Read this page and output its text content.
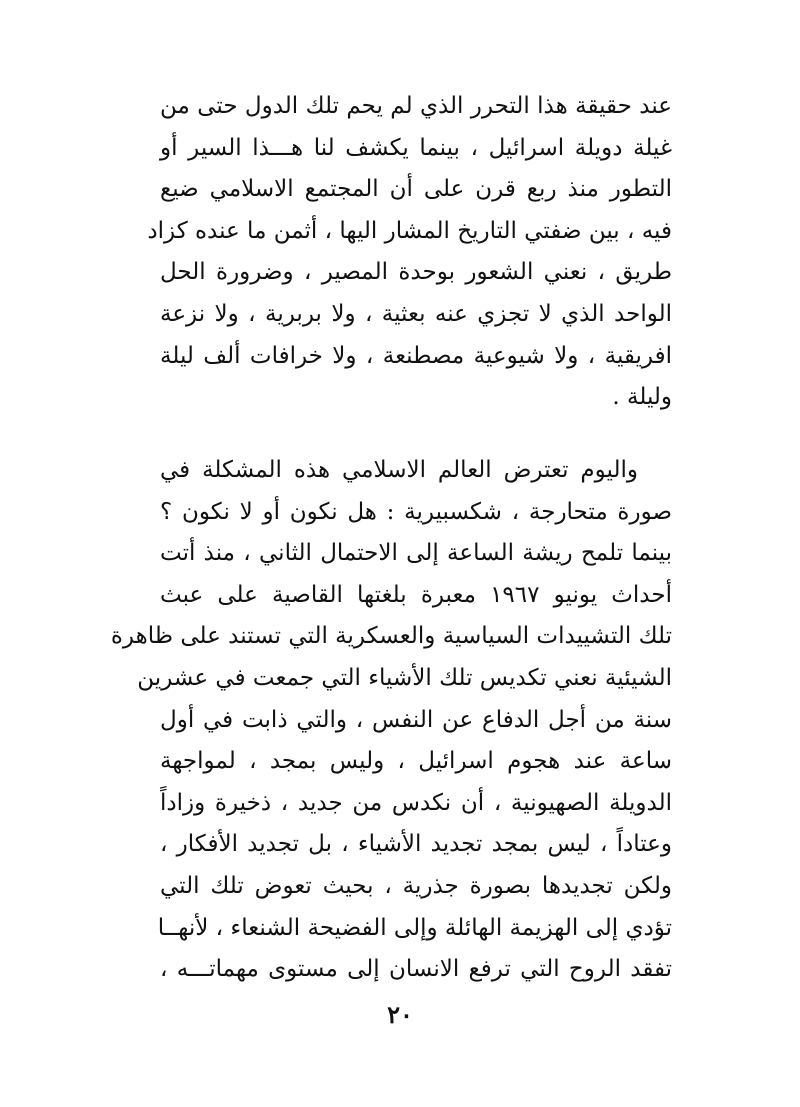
عند حقيقة هذا التحرر الذي لم يحم تلك الدول حتى من
غيلة دويلة اسرائيل ، بينما يكشف لنا هـــذا السير أو
التطور منذ ربع قرن على أن المجتمع الاسلامي ضيع
فيه ، بين ضفتي التاريخ المشار اليها ، أثمن ما عنده كزاد
طريق ، نعني الشعور بوحدة المصير ، وضرورة الحل
الواحد الذي لا تجزي عنه بعثية ، ولا بربرية ، ولا نزعة
افريقية ، ولا شيوعية مصطنعة ، ولا خرافات ألف ليلة
وليلة .
واليوم تعترض العالم الاسلامي هذه المشكلة في
صورة متحارجة ، شكسبيرية : هل نكون أو لا نكون ؟
بينما تلمح ريشة الساعة إلى الاحتمال الثاني ، منذ أتت
أحداث يونيو ١٩٦٧ معبرة بلغتها القاصية على عبث
تلك التشييدات السياسية والعسكرية التي تستند على ظاهرة
الشيئية نعني تكديس تلك الأشياء التي جمعت في عشرين
سنة من أجل الدفاع عن النفس ، والتي ذابت في أول
ساعة عند هجوم اسرائيل ، وليس بمجد ، لمواجهة
الدويلة الصهيونية ، أن نكدس من جديد ، ذخيرة وزاداً
وعتاداً ، ليس بمجد تجديد الأشياء ، بل تجديد الأفكار ،
ولكن تجديدها بصورة جذرية ، بحيث تعوض تلك التي
تؤدي إلى الهزيمة الهائلة وإلى الفضيحة الشنعاء ، لأنهــا
تفقد الروح التي ترفع الانسان إلى مستوى مهماتـــه ،
٢٠
